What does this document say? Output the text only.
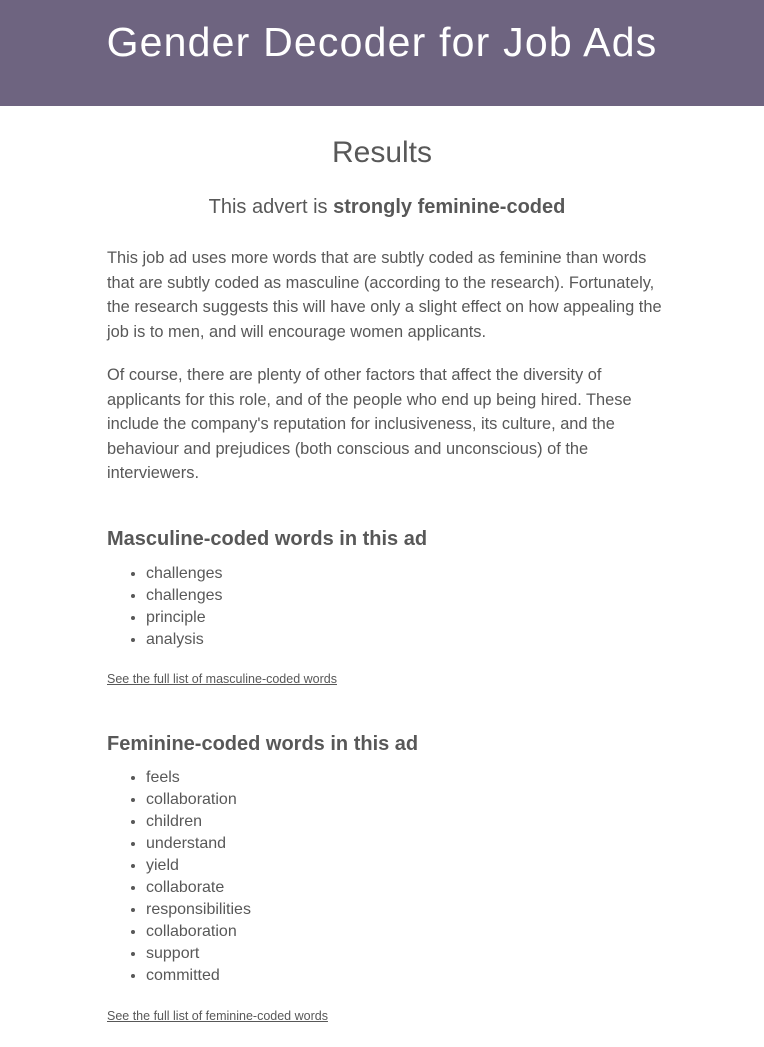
Gender Decoder for Job Ads
Results

This advert is strongly feminine-coded

This job ad uses more words that are subtly coded as feminine than words that are subtly coded as masculine (according to the research). Fortunately, the research suggests this will have only a slight effect on how appealing the job is to men, and will encourage women applicants.

Of course, there are plenty of other factors that affect the diversity of applicants for this role, and of the people who end up being hired. These include the company's reputation for inclusiveness, its culture, and the behaviour and prejudices (both conscious and unconscious) of the interviewers.

Masculine-coded words in this ad
• challenges
• challenges
• principle
• analysis
See the full list of masculine-coded words
Feminine-coded words in this ad
• feels
• collaboration
• children
• understand
• yield
• collaborate
• responsibilities
• collaboration
• support
• committed
See the full list of feminine-coded words
